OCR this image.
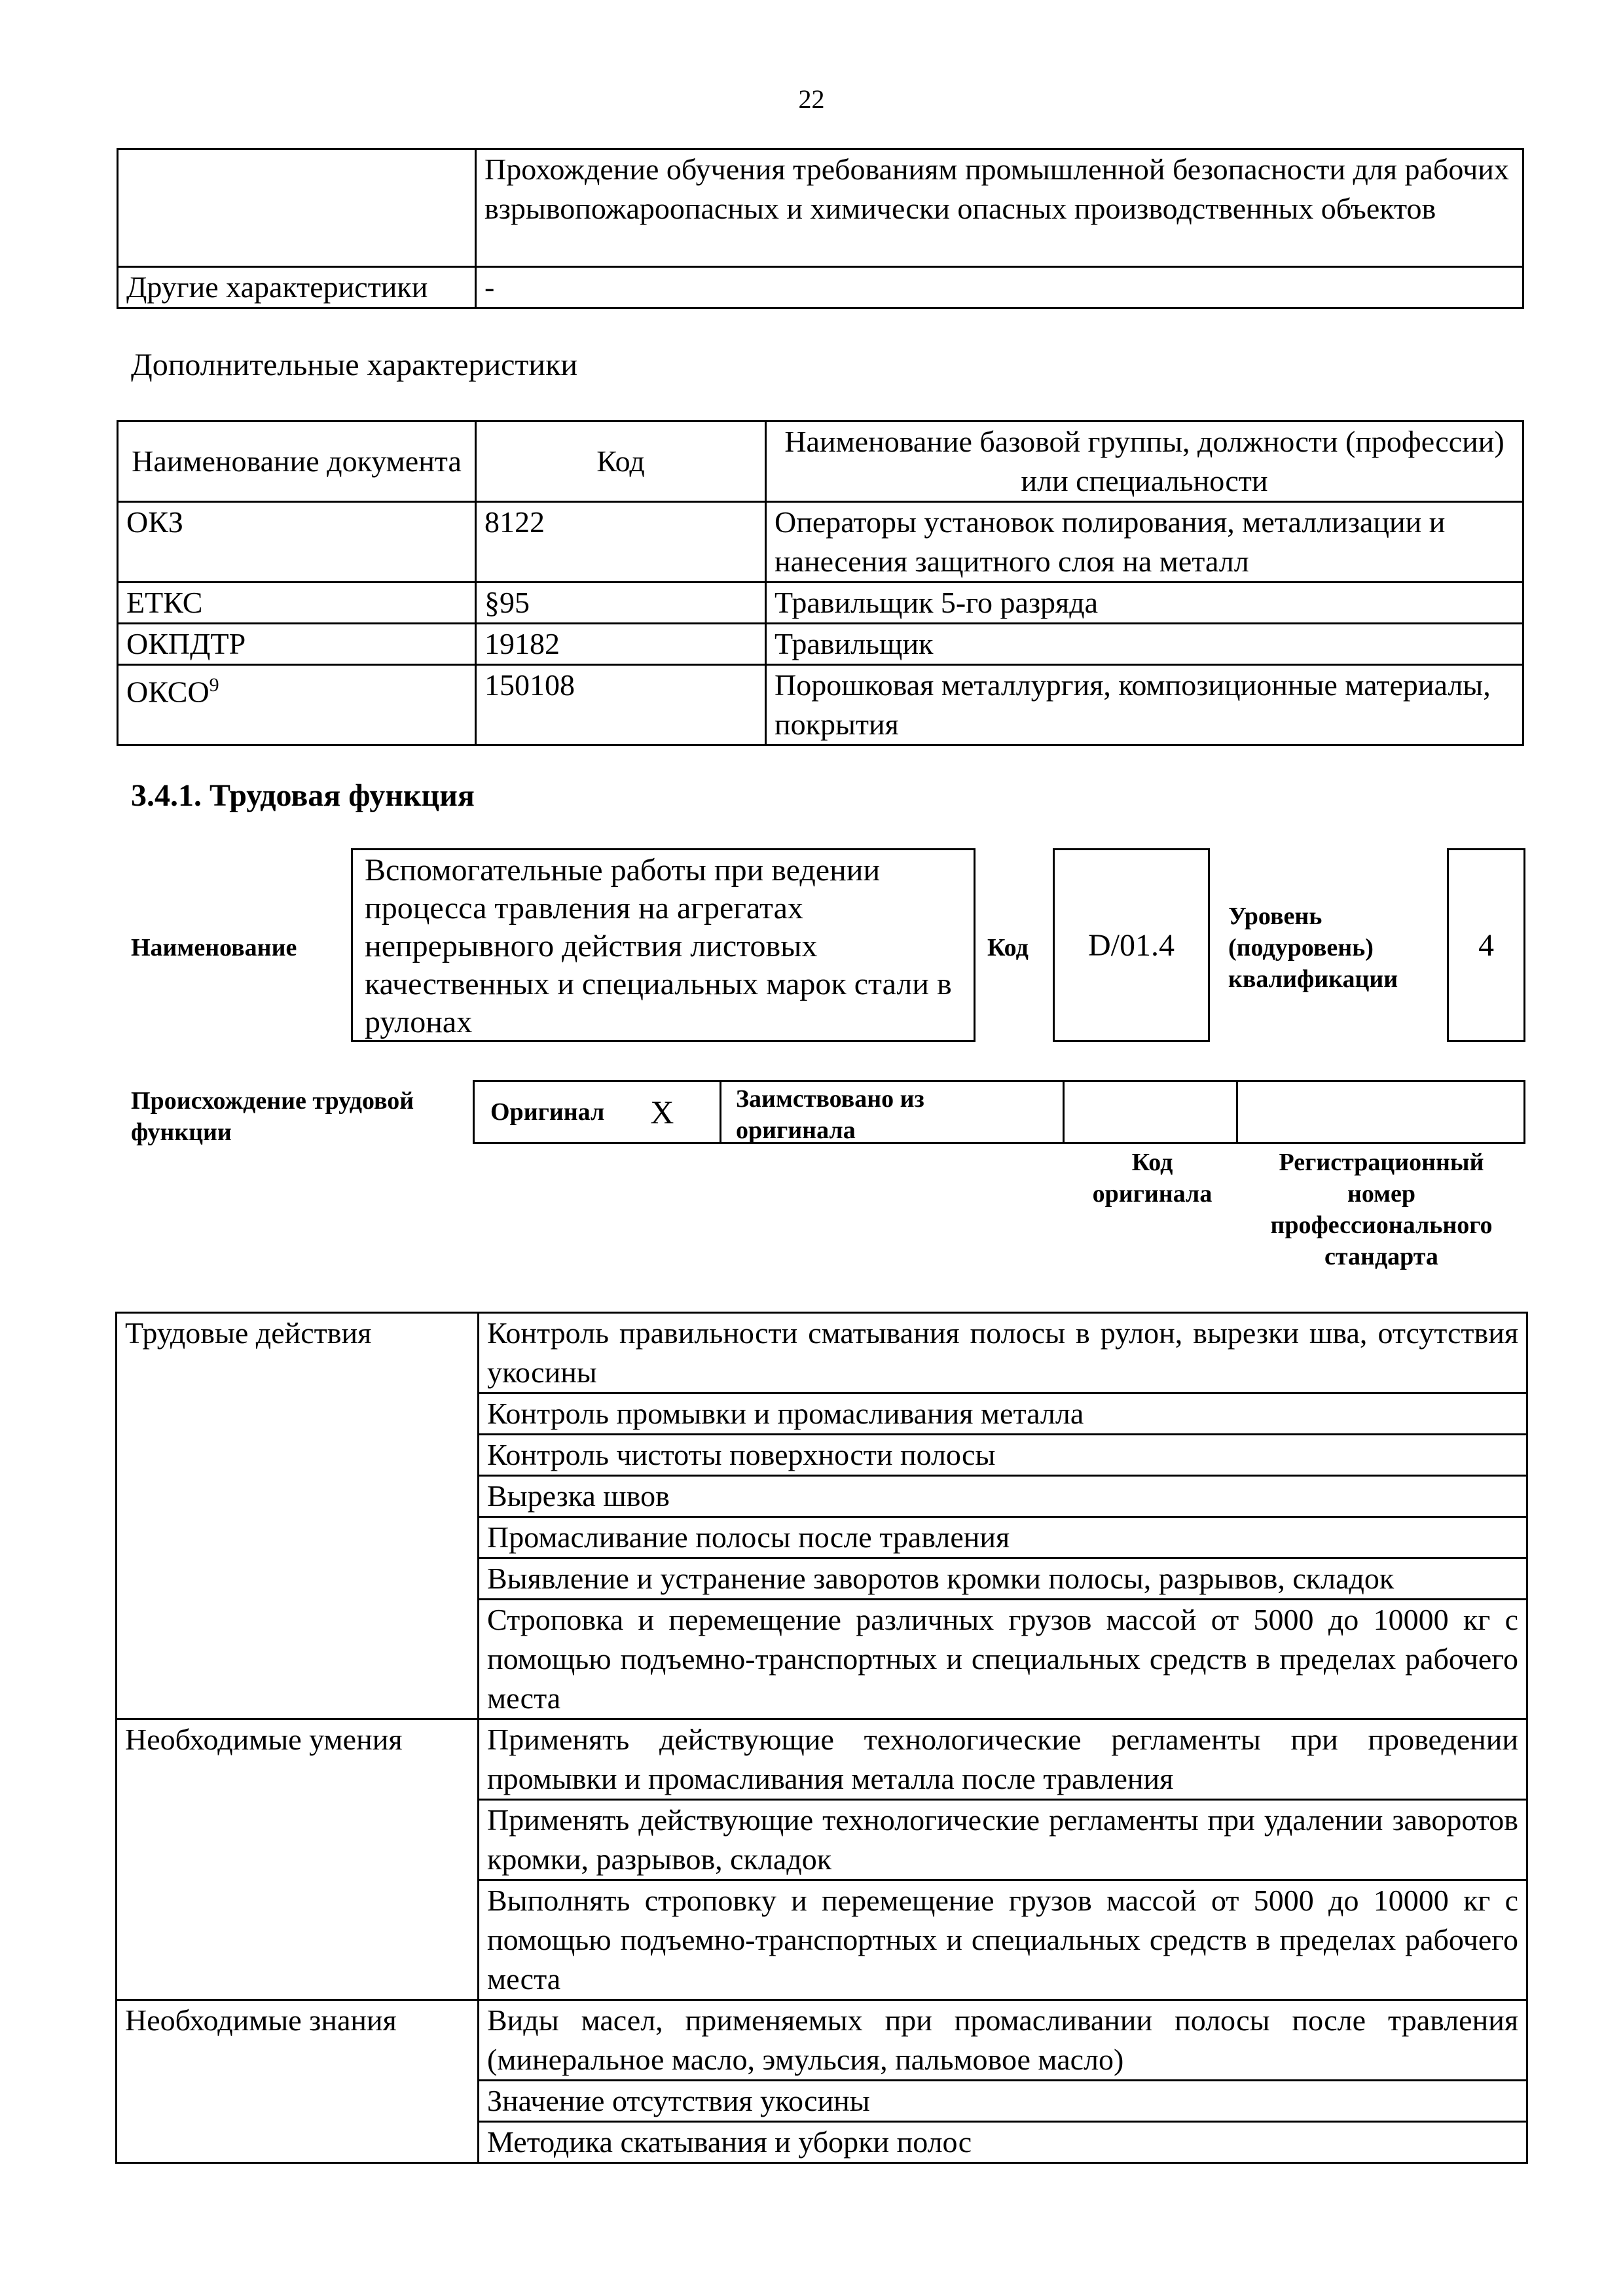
22
	Прохождение обучения требованиям промышленной безопасности для рабочих взрывопожароопасных и химически опасных производственных объектов
Другие характеристики	-
Дополнительные характеристики
Наименование документа	Код	Наименование базовой группы, должности (профессии) или специальности
ОКЗ	8122	Операторы установок полирования, металлизации и нанесения защитного слоя на металл
ЕТКС	§95	Травильщик 5-го разряда
ОКПДТР	19182	Травильщик
ОКСО$^9$	150108	Порошковая металлургия, композиционные материалы, покрытия
3.4.1. Трудовая функция
Наименование
Вспомогательные работы при ведении процесса травления на агрегатах непрерывного действия листовых качественных и специальных марок стали в рулонах
Код	D/01.4
Уровень (подуровень) квалификации
4
Происхождение трудовой функции
Оригинал X	Заимствовано из оригинала
Код оригинала
Регистрационный номер профессионального стандарта
Трудовые действия	Контроль правильности сматывания полосы в рулон, вырезки шва, отсутствия укосины
	Контроль промывки и промасливания металла
	Контроль чистоты поверхности полосы
	Вырезка швов
	Промасливание полосы после травления
	Выявление и устранение заворотов кромки полосы, разрывов, складок
	Строповка и перемещение различных грузов массой от 5000 до 10000 кг с помощью подъемно-транспортных и специальных средств в пределах рабочего места
Необходимые умения	Применять действующие технологические регламенты при проведении промывки и промасливания металла после травления
	Применять действующие технологические регламенты при удалении заворотов кромки, разрывов, складок
	Выполнять строповку и перемещение грузов массой от 5000 до 10000 кг с помощью подъемно-транспортных и специальных средств в пределах рабочего места
Необходимые знания	Виды масел, применяемых при промасливании полосы после травления (минеральное масло, эмульсия, пальмовое масло)
	Значение отсутствия укосины
	Методика скатывания и уборки полос
